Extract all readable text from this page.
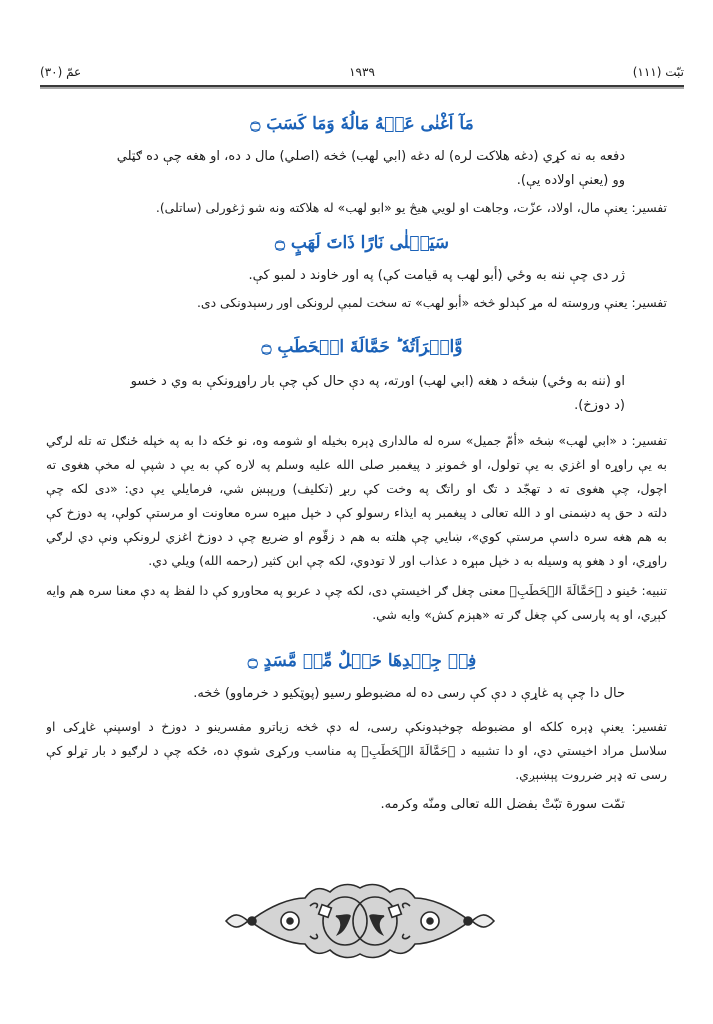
تبّت (١١١)
١٩٣٩
عمّ (٣٠)
مَآ اَغْنٰى عَنۡهُ مَالُهٗ وَمَا كَسَبَ ۝
دفعه به نه کړي (دغه هلاکت لره) له دغه (ابي لهب) څخه (اصلي) مال د ده، او هغه چې ده ګټلي
وو (يعنې اولاده يې).
تفسير: يعنې مال، اولاد، عزّت، وجاهت او لويي هيڅ يو «ابو لهب» له هلاکته ونه شو ژغورلی (ساتلی).
سَيَصۡلٰى نَارًا ذَاتَ لَهَبٍ ۝
ژر دی چې ننه به وځي (أبو لهب په قيامت کې) په اور خاوند د لمبو کې.
تفسير: يعنې وروسته له مړ کېدلو څخه «أبو لهب» ته سخت لمبې لرونکی اور رسېدونکی دی.
وَّامۡرَاَتُهٗ ؕ حَمَّالَةَ الۡحَطَبِ ۝
او (ننه به وځي) ښځه د هغه (ابي لهب) اورته، په دې حال کې چې بار راوړونکې به وي د خسو
(د دوزخ).
تفسير: د «ابي لهب» ښځه «أمّ جميل» سره له مالداری ډېره بخيله او شومه وه، نو ځکه دا به په خپله ځنګل ته تله لرګي
به يې راوړه او اغزي به يې تولول، او څمونږ د پيغمبر صلى الله عليه وسلم په لاره کې به يې د شپې له مخې هغوی ته
اچول، چې هغوی ته د تهجّد د تګ او راتګ په وخت کې ربړ (تکليف) ورپېښ شي، فرمايلي يې دي: «دی لکه چې
دلته د حق په دښمنی او د الله تعالى د پيغمبر په ايذاء رسولو کې د خپل مېړه سره معاونت او مرستې کولې، په دوزخ کې
به هم هغه سره داسې مرستې کوي»، ښايي چې هلته به هم د زقّوم او ضريع چې د دوزخ اغزي لرونکې ونې دي لرګي
راوړي، او د هغو په وسيله به د خپل مېړه د عذاب اور لا تودوي، لکه چې ابن کثير (رحمه الله) ويلي دي.
تنبيه: ځينو د ﴿حَمَّالَةَ الۡحَطَبِ﴾ معنی چغل ګر اخيستې دی، لکه چې د عربو په محاورو کې دا لفظ په دې معنا سره هم وايه
کېږي، او په پارسی کې چغل ګر ته «هېزم کش» وايه شي.
فِىۡ جِيۡدِهَا حَبۡلٌ مِّنۡ مَّسَدٍ ۝
حال دا چې په غاړې د دې کې رسی ده له مضبوطو رسيو (پوټکيو د خرماوو) څخه.
تفسير: يعنې ډېره کلکه او مضبوطه چوخېدونکې رسی، له دې څخه زياترو مفسرينو د دوزخ د اوسپنې غاړکی او
سلاسل مراد اخيستي دي، او دا تشبيه د ﴿حَمَّالَةَ الۡحَطَبِ﴾ په مناسب ورکړی شوې ده، ځکه چې د لرګيو د بار تړلو کې
رسی ته ډېر ضرروت پېښېږي.
تمّت سورة تبّتْ بفضل الله تعالى ومنّه وكرمه.
